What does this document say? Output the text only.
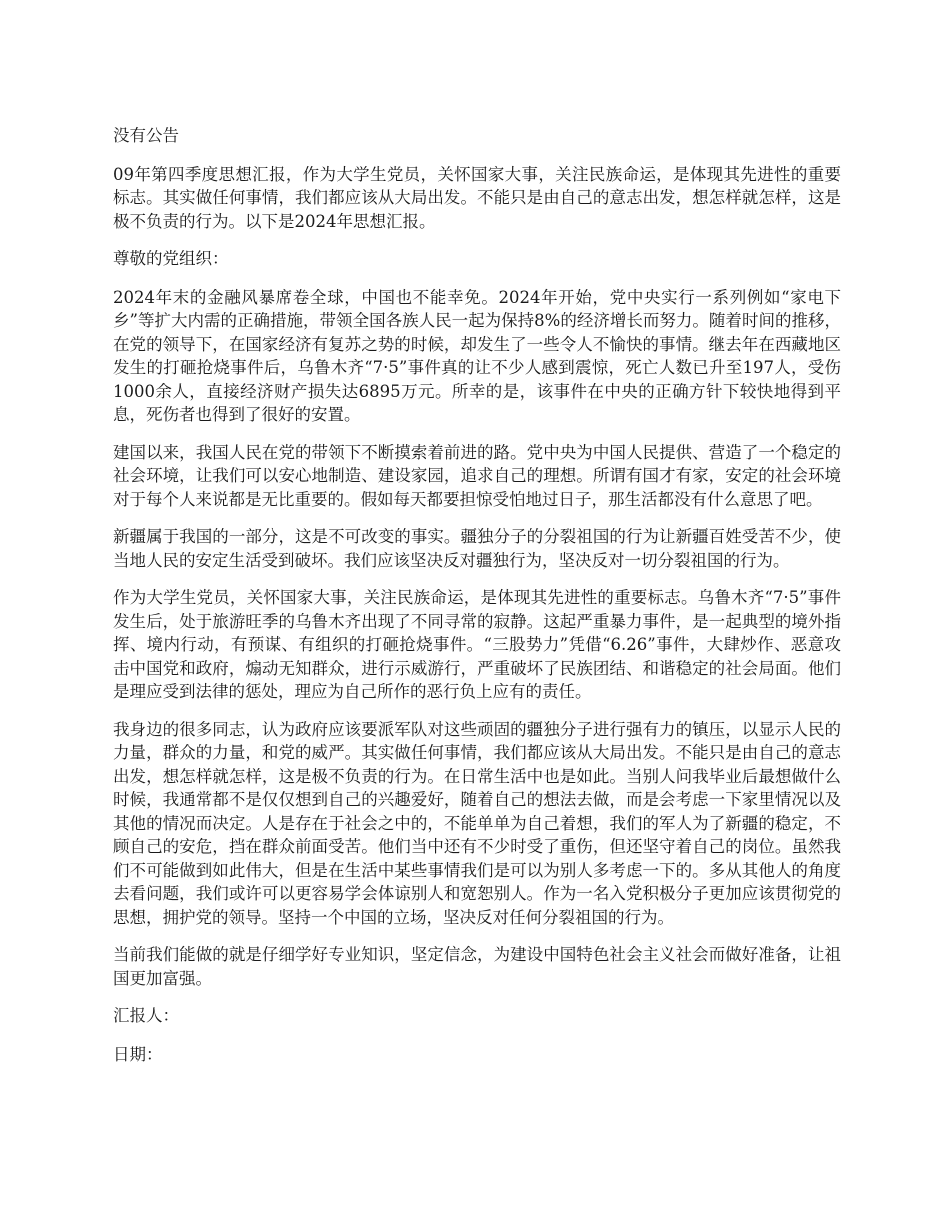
没有公告

09年第四季度思想汇报，作为大学生党员，关怀国家大事，关注民族命运，是体现其先进性的重要标志。其实做任何事情，我们都应该从大局出发。不能只是由自己的意志出发，想怎样就怎样，这是极不负责的行为。以下是2024年思想汇报。

尊敬的党组织：

2024年末的金融风暴席卷全球，中国也不能幸免。2024年开始，党中央实行一系列例如“家电下乡”等扩大内需的正确措施，带领全国各族人民一起为保持8%的经济增长而努力。随着时间的推移，在党的领导下，在国家经济有复苏之势的时候，却发生了一些令人不愉快的事情。继去年在西藏地区发生的打砸抢烧事件后，乌鲁木齐“7·5”事件真的让不少人感到震惊，死亡人数已升至197人，受伤1000余人，直接经济财产损失达6895万元。所幸的是，该事件在中央的正确方针下较快地得到平息，死伤者也得到了很好的安置。

建国以来，我国人民在党的带领下不断摸索着前进的路。党中央为中国人民提供、营造了一个稳定的社会环境，让我们可以安心地制造、建设家园，追求自己的理想。所谓有国才有家，安定的社会环境对于每个人来说都是无比重要的。假如每天都要担惊受怕地过日子，那生活都没有什么意思了吧。

新疆属于我国的一部分，这是不可改变的事实。疆独分子的分裂祖国的行为让新疆百姓受苦不少，使当地人民的安定生活受到破坏。我们应该坚决反对疆独行为，坚决反对一切分裂祖国的行为。

作为大学生党员，关怀国家大事，关注民族命运，是体现其先进性的重要标志。乌鲁木齐“7·5”事件发生后，处于旅游旺季的乌鲁木齐出现了不同寻常的寂静。这起严重暴力事件，是一起典型的境外指挥、境内行动，有预谋、有组织的打砸抢烧事件。“三股势力”凭借“6.26”事件，大肆炒作、恶意攻击中国党和政府，煽动无知群众，进行示威游行，严重破坏了民族团结、和谐稳定的社会局面。他们是理应受到法律的惩处，理应为自己所作的恶行负上应有的责任。

我身边的很多同志，认为政府应该要派军队对这些顽固的疆独分子进行强有力的镇压，以显示人民的力量，群众的力量，和党的威严。其实做任何事情，我们都应该从大局出发。不能只是由自己的意志出发，想怎样就怎样，这是极不负责的行为。在日常生活中也是如此。当别人问我毕业后最想做什么时候，我通常都不是仅仅想到自己的兴趣爱好，随着自己的想法去做，而是会考虑一下家里情况以及其他的情况而决定。人是存在于社会之中的，不能单单为自己着想，我们的军人为了新疆的稳定，不顾自己的安危，挡在群众前面受苦。他们当中还有不少时受了重伤，但还坚守着自己的岗位。虽然我们不可能做到如此伟大，但是在生活中某些事情我们是可以为别人多考虑一下的。多从其他人的角度去看问题，我们或许可以更容易学会体谅别人和宽恕别人。作为一名入党积极分子更加应该贯彻党的思想，拥护党的领导。坚持一个中国的立场，坚决反对任何分裂祖国的行为。

当前我们能做的就是仔细学好专业知识，坚定信念，为建设中国特色社会主义社会而做好准备，让祖国更加富强。

汇报人：

日期：
